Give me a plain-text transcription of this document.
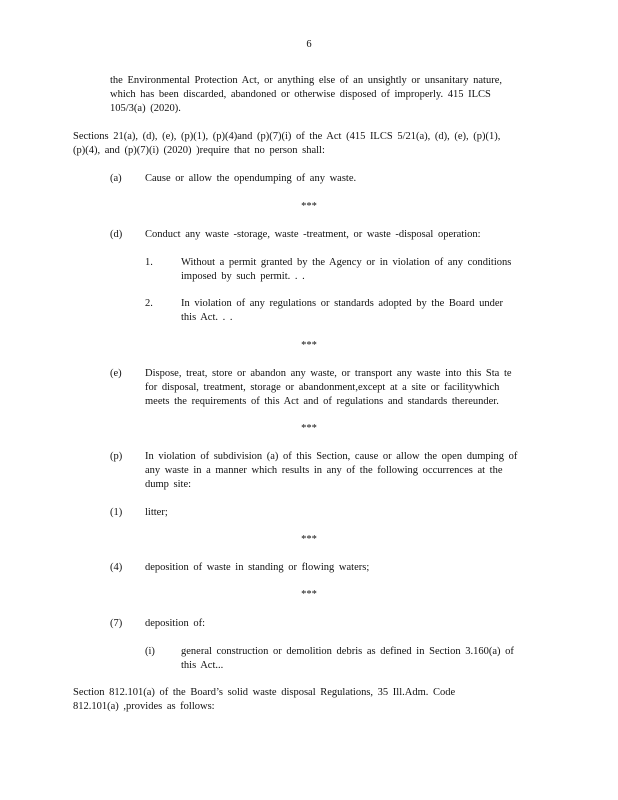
6
the Environmental Protection Act, or anything else of an unsightly or unsanitary nature,
which has been discarded, abandoned or otherwise disposed of improperly. 415 ILCS
105/3(a) (2020).
Sections 21(a), (d), (e), (p)(1), (p)(4)and (p)(7)(i) of the Act (415 ILCS 5/21(a), (d), (e), (p)(1),
(p)(4), and (p)(7)(i) (2020) )require that no person shall:
(a)	Cause or allow the opendumping of any waste.
***
(d)	Conduct any waste -storage, waste -treatment, or waste -disposal operation:
1.	Without a permit granted by the Agency or in violation of any conditions
imposed by such permit. . .
2.	In violation of any regulations or standards adopted by the Board under
this Act. . .
***
(e)	Dispose, treat, store or abandon any waste, or transport any waste into this Sta te
for disposal, treatment, storage or abandonment,except at a site or facilitywhich
meets the requirements of this Act and of regulations and standards thereunder.
***
(p)	In violation of subdivision (a) of this Section, cause or allow the open dumping of
any waste in a manner which results in any of the following occurrences at the
dump site:
(1)	litter;
***
(4)	deposition of waste in standing or flowing waters;
***
(7)	deposition of:
(i)	general construction or demolition debris as defined in Section 3.160(a) of
this Act...
Section 812.101(a) of the Board’s solid waste disposal Regulations, 35 Ill.Adm. Code
812.101(a) ,provides as follows:
